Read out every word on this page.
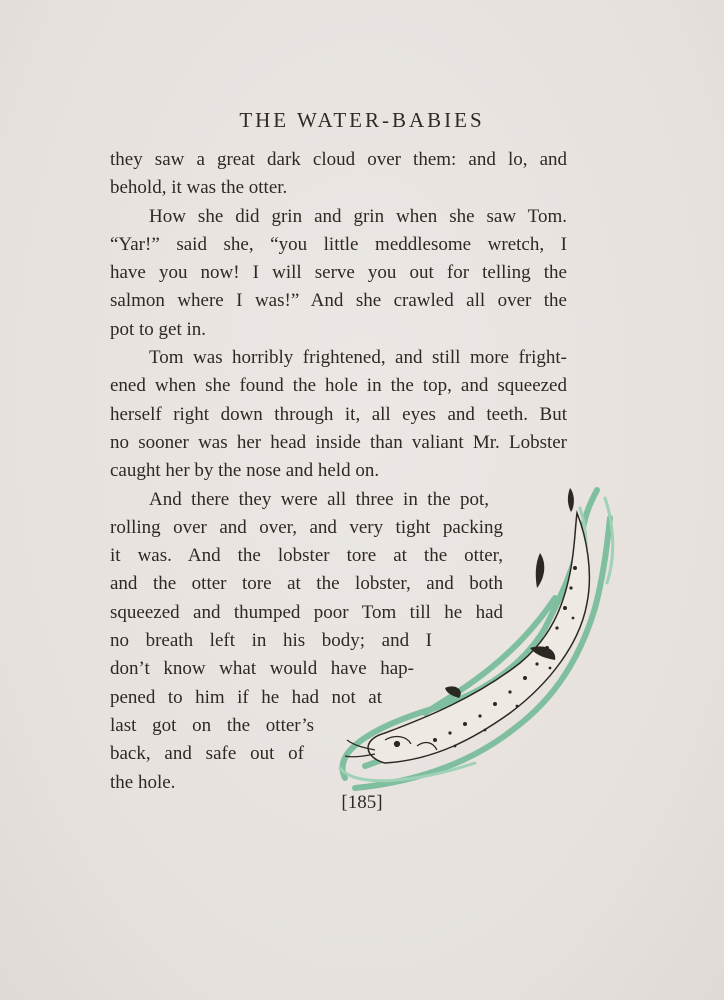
THE WATER-BABIES
they saw a great dark cloud over them: and lo, and
behold, it was the otter.
How she did grin and grin when she saw Tom.
“Yar!” said she, “you little meddlesome wretch, I
have you now! I will serve you out for telling the
salmon where I was!” And she crawled all over the
pot to get in.
Tom was horribly frightened, and still more fright-
ened when she found the hole in the top, and squeezed
herself right down through it, all eyes and teeth. But
no sooner was her head inside than valiant Mr. Lobster
caught her by the nose and held on.
And there they were all three in the pot,
rolling over and over, and very tight packing
it was. And the lobster tore at the otter,
and the otter tore at the lobster, and both
squeezed and thumped poor Tom till he had
no breath left in his body; and I
don’t know what would have hap-
pened to him if he had not at
last got on the otter’s
back, and safe out of
the hole.
[185]
